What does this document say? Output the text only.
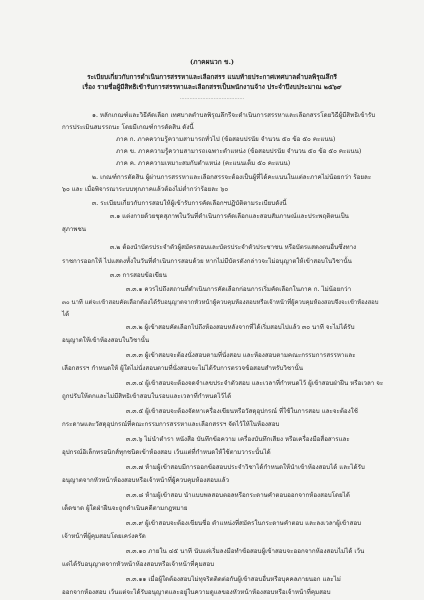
(ภาคผนวก ข.)
ระเบียบเกี่ยวกับการดำเนินการสรรหาและเลือกสรร แนบท้ายประกาศเทศบาลตำบลพิรุณลึกรี
เรื่อง รายชื่อผู้มีสิทธิเข้ารับการสรรหาและเลือกสรรเป็นพนักงานจ้าง ประจำปีงบประมาณ ๒๕๖๙
........................................
๑. หลักเกณฑ์และวิธีคัดเลือก เทศบาลตำบลพิรุณลึกรีจะดำเนินการสรรหาและเลือกสรรโดยวิธีผู้มีสิทธิเข้ารับ
การประเมินสมรรถนะ โดยมีเกณฑ์การตัดสิน ดังนี้
ภาค ก. ภาคความรู้ความสามารถทั่วไป (ข้อสอบปรนัย จำนวน ๕๐ ข้อ ๕๐ คะแนน)
ภาค ข. ภาคความรู้ความสามารถเฉพาะตำแหน่ง (ข้อสอบปรนัย จำนวน ๕๐ ข้อ ๕๐ คะแนน)
ภาค ค. ภาคความเหมาะสมกับตำแหน่ง (คะแนนเต็ม ๕๐ คะแนน)
๒. เกณฑ์การตัดสิน ผู้ผ่านการสรรหาและเลือกสรรจะต้องเป็นผู้ที่ได้คะแนนในแต่ละภาคไม่น้อยกว่า ร้อยละ
๖๐ และ เมื่อพิจารณาระบบทุกภาคแล้วต้องไม่ต่ำกว่าร้อยละ ๖๐
๓. ระเบียบเกี่ยวกับการสอบให้ผู้เข้ารับการคัดเลือกฯปฏิบัติตามระเบียบดังนี้
๓.๑ แต่งกายด้วยชุดสุภาพในวันที่ดำเนินการคัดเลือกและสอบสัมภาษณ์และประพฤติตนเป็น
สุภาพชน
๓.๒ ต้องนำบัตรประจำตัวผู้สมัครสอบและบัตรประจำตัวประชาชน หรือบัตรแสดงตนอื่นซึ่งทาง
ราชการออกให้ ไปแสดงทั้งในวันที่ดำเนินการสอบด้วย หากไม่มีบัตรดังกล่าวจะไม่อนุญาตให้เข้าสอบในวิชานั้น
๓.๓ การสอบข้อเขียน
๓.๓.๑ ควรไปถึงสถานที่ดำเนินการคัดเลือกก่อนการเริ่มคัดเลือกในภาค ก. ไม่น้อยกว่า
๓๐ นาที แต่จะเข้าสอบคัดเลือกต้องได้รับอนุญาตจากหัวหน้าผู้ควบคุมห้องสอบหรือเจ้าหน้าที่ผู้ควบคุมห้องสอบจึงจะเข้าห้องสอบ
ได้
๓.๓.๒ ผู้เข้าสอบคัดเลือกไปถึงห้องสอบหลังจากที่ได้เริ่มสอบไปแล้ว ๓๐ นาที จะไม่ได้รับ
อนุญาตให้เข้าห้องสอบในวิชานั้น
๓.๓.๓ ผู้เข้าสอบจะต้องนั่งสอบตามที่นั่งสอบ และห้องสอบตามคณะกรรมการสรรหาและ
เลือกสรรฯ กำหนดให้ ผู้ใดไม่นั่งสอบตามที่นั่งสอบจะไม่ได้รับการตรวจข้อสอบสำหรับวิชานั้น
๓.๓.๔ ผู้เข้าสอบจะต้องจดจำเลขประจำตัวสอบ และเวลาที่กำหนดไว้ ผู้เข้าสอบฝ่าฝืน หรือเวลา จะ
ถูกปรับให้ตกและไม่มีสิทธิเข้าสอบในรอบและเวลาที่กำหนดไว้ได้
๓.๓.๕ ผู้เข้าสอบจะต้องจัดหาเครื่องเขียนหรือวัสดุอุปกรณ์ ที่ใช้ในการสอบ และจะต้องใช้
กระดาษและวัสดุอุปกรณ์ที่คณะกรรมการสรรหาและเลือกสรรฯ จัดไว้ให้ในห้องสอบ
๓.๓.๖ ไม่นำตำรา หนังสือ บันทึกข้อความ เครื่องบันทึกเสียง หรือเครื่องมือสื่อสารและ
อุปกรณ์อิเล็กทรอนิกส์ทุกชนิดเข้าห้องสอบ เว้นแต่ที่กำหนดให้ใช้ตามวาระนั้นได้
๓.๓.๗ ห้ามผู้เข้าสอบมีการออกข้อสอบประจำวิชาได้กำหนดให้นำเข้าห้องสอบได้ และได้รับ
อนุญาตจากหัวหน้าห้องสอบหรือเจ้าหน้าที่ผู้ควบคุมห้องสอบแล้ว
๓.๓.๘ ห้ามผู้เข้าสอบ นำแบบพลสอบตอลหรือกระดาษคำตอบออกจากห้องสอบโดยได้
เด็ดขาด ผู้ใดฝ่าฝืนจะถูกดำเนินคดีตามกฎหมาย
๓.๓.๙ ผู้เข้าสอบจะต้องเขียนชื่อ ตำแหน่งที่สมัครในกระดาษคำตอบ และลงเวลาผู้เข้าสอบ
เจ้าหน้าที่ผู้คุมสอบโดยเคร่งครัด
๓.๓.๑๐ ภายใน ๔๕ นาที นับแต่เริ่มลงมือทำข้อสอบผู้เข้าสอบจะออกจากห้องสอบไม่ได้ เว้น
แต่ได้รับอนุญาตจากหัวหน้าห้องสอบหรือเจ้าหน้าที่คุมสอบ
๓.๓.๑๑ เมื่อผู้ใดต้องสอบไม่ทุจริตติดต่อกับผู้เข้าสอบอื่นหรือบุคคลภายนอก และไม่
ออกจากห้องสอบ เว้นแต่จะได้รับอนุญาตและอยู่ในความดูแลของหัวหน้าห้องสอบหรือเจ้าหน้าที่คุมสอบ
